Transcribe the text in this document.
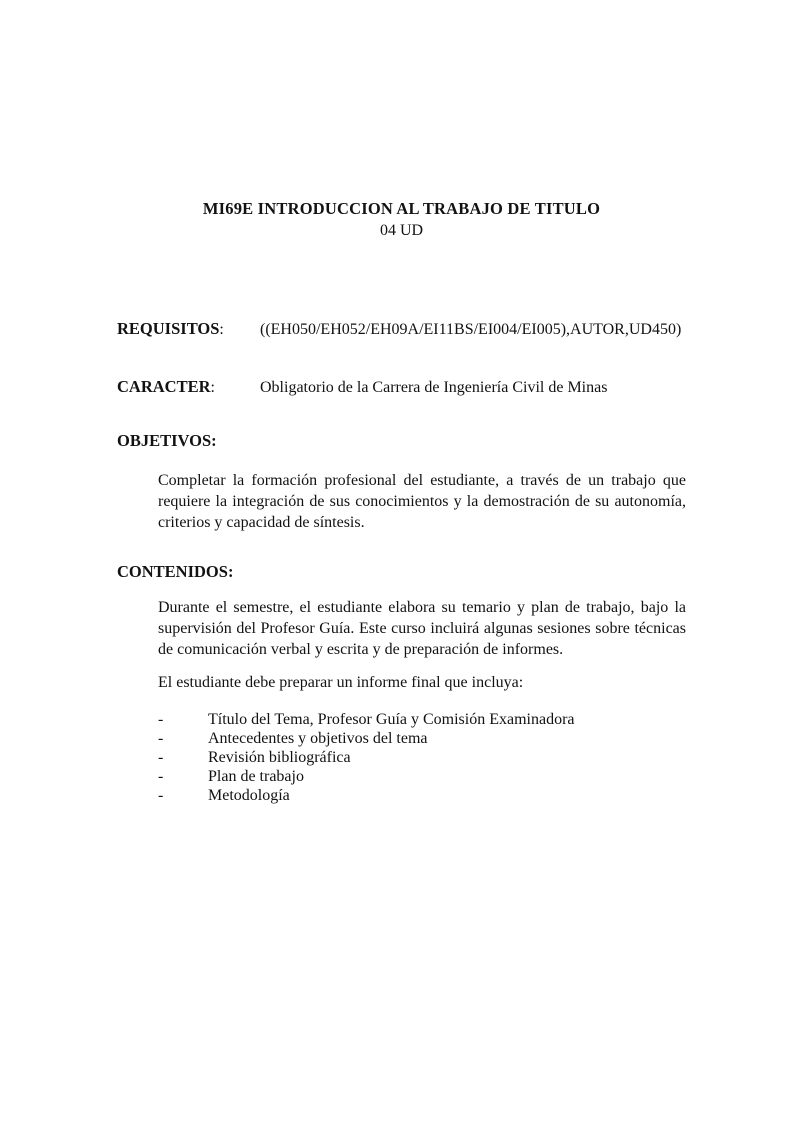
MI69E INTRODUCCION AL TRABAJO DE TITULO
04 UD
REQUISITOS:	((EH050/EH052/EH09A/EI11BS/EI004/EI005),AUTOR,UD450)
CARACTER:	Obligatorio de la Carrera de Ingeniería Civil de Minas
OBJETIVOS:

Completar la formación profesional del estudiante, a través de un trabajo que requiere la integración de sus conocimientos y la demostración de su autonomía, criterios y capacidad de síntesis.

CONTENIDOS:

Durante el semestre, el estudiante elabora su temario y plan de trabajo, bajo la supervisión del Profesor Guía. Este curso incluirá algunas sesiones sobre técnicas de comunicación verbal y escrita y de preparación de informes.

El estudiante debe preparar un informe final que incluya:

-	Título del Tema, Profesor Guía y Comisión Examinadora
-	Antecedentes y objetivos del tema
-	Revisión bibliográfica
-	Plan de trabajo
-	Metodología
